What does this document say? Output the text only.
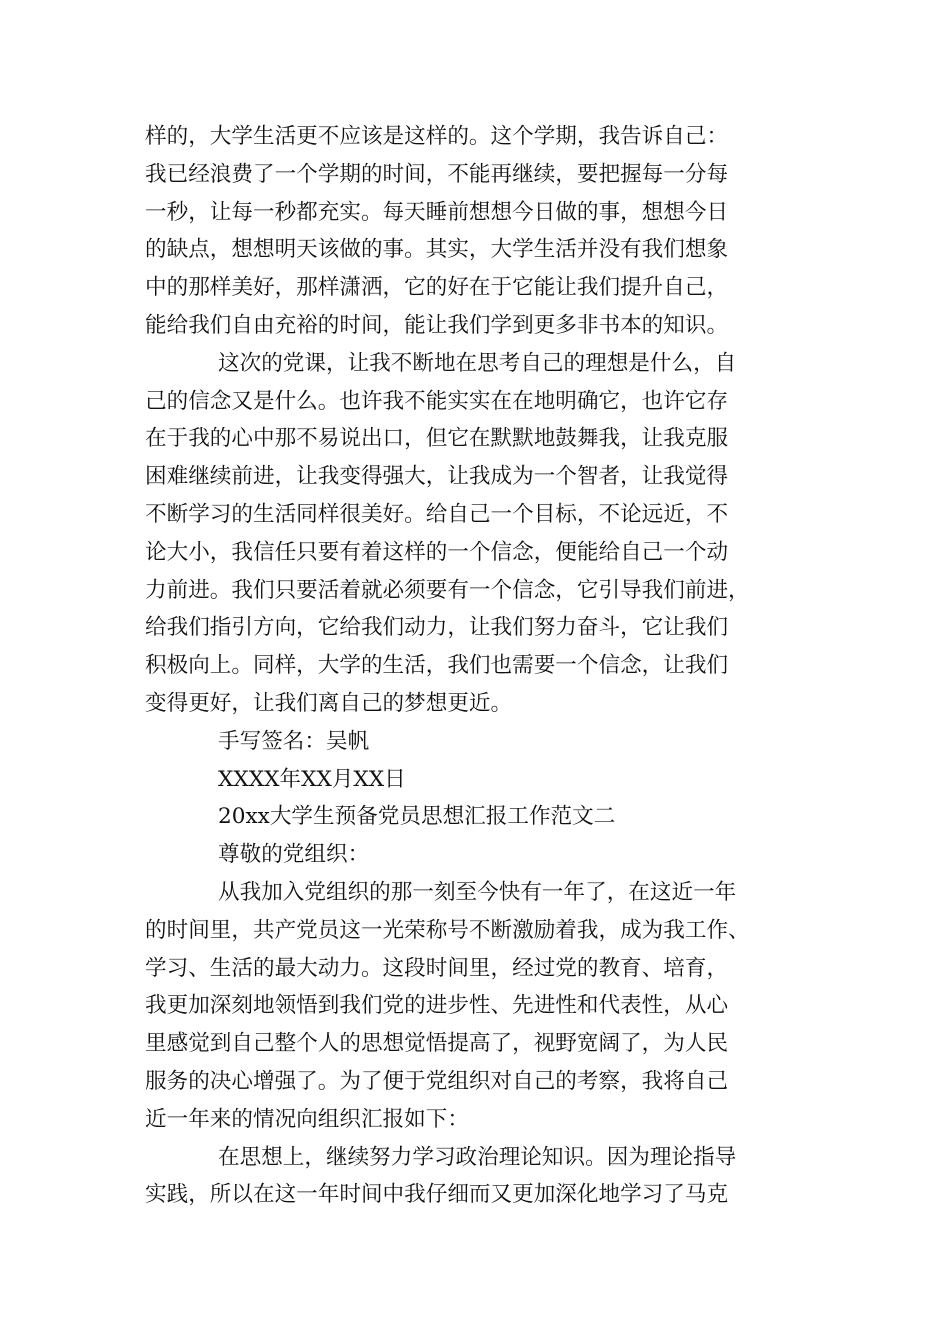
样的，大学生活更不应该是这样的。这个学期，我告诉自己：
我已经浪费了一个学期的时间，不能再继续，要把握每一分每
一秒，让每一秒都充实。每天睡前想想今日做的事，想想今日
的缺点，想想明天该做的事。其实，大学生活并没有我们想象
中的那样美好，那样潇洒，它的好在于它能让我们提升自己，
能给我们自由充裕的时间，能让我们学到更多非书本的知识。
这次的党课，让我不断地在思考自己的理想是什么，自
己的信念又是什么。也许我不能实实在在地明确它，也许它存
在于我的心中那不易说出口，但它在默默地鼓舞我，让我克服
困难继续前进，让我变得强大，让我成为一个智者，让我觉得
不断学习的生活同样很美好。给自己一个目标，不论远近，不
论大小，我信任只要有着这样的一个信念，便能给自己一个动
力前进。我们只要活着就必须要有一个信念，它引导我们前进，
给我们指引方向，它给我们动力，让我们努力奋斗，它让我们
积极向上。同样，大学的生活，我们也需要一个信念，让我们
变得更好，让我们离自己的梦想更近。
手写签名：吴帆
XXXX年XX月XX日
20xx大学生预备党员思想汇报工作范文二
尊敬的党组织：
从我加入党组织的那一刻至今快有一年了，在这近一年
的时间里，共产党员这一光荣称号不断激励着我，成为我工作、
学习、生活的最大动力。这段时间里，经过党的教育、培育，
我更加深刻地领悟到我们党的进步性、先进性和代表性，从心
里感觉到自己整个人的思想觉悟提高了，视野宽阔了，为人民
服务的决心增强了。为了便于党组织对自己的考察，我将自己
近一年来的情况向组织汇报如下：
在思想上，继续努力学习政治理论知识。因为理论指导
实践，所以在这一年时间中我仔细而又更加深化地学习了马克
